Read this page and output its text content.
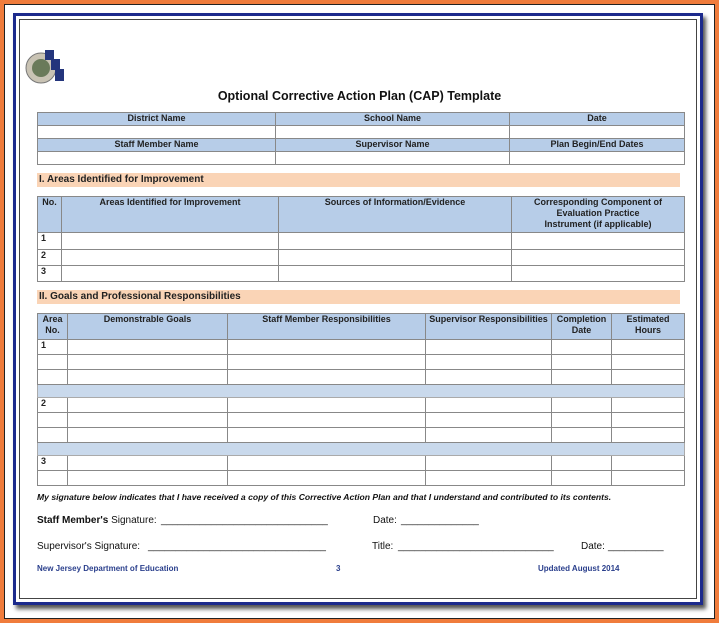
Optional Corrective Action Plan (CAP) Template
District Name	School Name	Date

Staff Member Name	Supervisor Name	Plan Begin/End Dates

I. Areas Identified for Improvement
No.	Areas Identified for Improvement	Sources of Information/Evidence	Corresponding Component of Evaluation Practice Instrument (if applicable)
1			
2			
3			
II. Goals and Professional Responsibilities
Area No.	Demonstrable Goals	Staff Member Responsibilities	Supervisor Responsibilities	Completion Date	Estimated Hours
1					

2					

3					

My signature below indicates that I have received a copy of this Corrective Action Plan and that I understand and contributed to its contents.
Staff Member's Signature: ______________________________	Date: ______________
Supervisor's Signature: ________________________________	Title: ____________________________	Date: __________
New Jersey Department of Education	3	Updated August 2014
